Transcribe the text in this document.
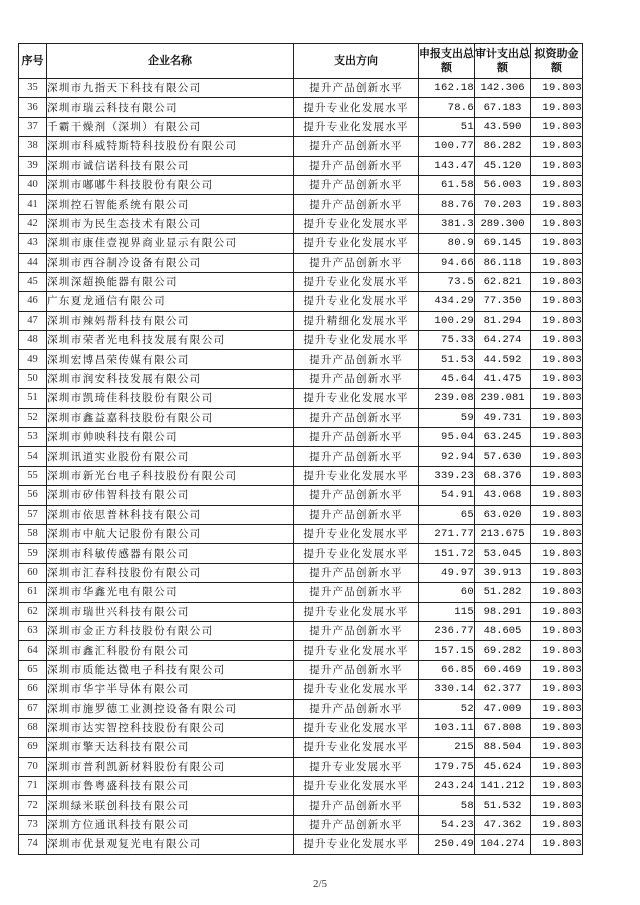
序号	企业名称	支出方向	申报支出总额	审计支出总额	拟资助金额
35	深圳市九指天下科技有限公司	提升产品创新水平	162.18	142.306	19.803
36	深圳市瑞云科技有限公司	提升专业化发展水平	78.6	67.183	19.803
37	千霸干燥剂（深圳）有限公司	提升专业化发展水平	51	43.590	19.803
38	深圳市科威特斯特科技股份有限公司	提升产品创新水平	100.77	86.282	19.803
39	深圳市诚信诺科技有限公司	提升产品创新水平	143.47	45.120	19.803
40	深圳市嘟嘟牛科技股份有限公司	提升产品创新水平	61.58	56.003	19.803
41	深圳控石智能系统有限公司	提升产品创新水平	88.76	70.203	19.803
42	深圳市为民生态技术有限公司	提升专业化发展水平	381.3	289.300	19.803
43	深圳市康佳壹视界商业显示有限公司	提升专业化发展水平	80.9	69.145	19.803
44	深圳市西谷制冷设备有限公司	提升产品创新水平	94.66	86.118	19.803
45	深圳深超换能器有限公司	提升专业化发展水平	73.5	62.821	19.803
46	广东夏龙通信有限公司	提升专业化发展水平	434.29	77.350	19.803
47	深圳市辣妈帮科技有限公司	提升精细化发展水平	100.29	81.294	19.803
48	深圳市荣者光电科技发展有限公司	提升专业化发展水平	75.33	64.274	19.803
49	深圳宏博昌荣传媒有限公司	提升产品创新水平	51.53	44.592	19.803
50	深圳市润安科技发展有限公司	提升产品创新水平	45.64	41.475	19.803
51	深圳市凯琦佳科技股份有限公司	提升专业化发展水平	239.08	239.081	19.803
52	深圳市鑫益嘉科技股份有限公司	提升产品创新水平	59	49.731	19.803
53	深圳市帅映科技有限公司	提升产品创新水平	95.04	63.245	19.803
54	深圳讯道实业股份有限公司	提升产品创新水平	92.94	57.630	19.803
55	深圳市新光台电子科技股份有限公司	提升专业化发展水平	339.23	68.376	19.803
56	深圳市矽伟智科技有限公司	提升产品创新水平	54.91	43.068	19.803
57	深圳市依思普林科技有限公司	提升产品创新水平	65	63.020	19.803
58	深圳市中航大记股份有限公司	提升专业化发展水平	271.77	213.675	19.803
59	深圳市科敏传感器有限公司	提升专业化发展水平	151.72	53.045	19.803
60	深圳市汇春科技股份有限公司	提升产品创新水平	49.97	39.913	19.803
61	深圳市华鑫光电有限公司	提升产品创新水平	60	51.282	19.803
62	深圳市瑞世兴科技有限公司	提升专业化发展水平	115	98.291	19.803
63	深圳市金正方科技股份有限公司	提升产品创新水平	236.77	48.605	19.803
64	深圳市鑫汇科股份有限公司	提升专业化发展水平	157.15	69.282	19.803
65	深圳市质能达微电子科技有限公司	提升产品创新水平	66.85	60.469	19.803
66	深圳市华宇半导体有限公司	提升专业化发展水平	330.14	62.377	19.803
67	深圳市施罗德工业测控设备有限公司	提升产品创新水平	52	47.009	19.803
68	深圳市达实智控科技股份有限公司	提升专业化发展水平	103.11	67.808	19.803
69	深圳市擎天达科技有限公司	提升专业化发展水平	215	88.504	19.803
70	深圳市普利凯新材料股份有限公司	提升专业发展水平	179.75	45.624	19.803
71	深圳市鲁粤盛科技有限公司	提升专业化发展水平	243.24	141.212	19.803
72	深圳绿米联创科技有限公司	提升产品创新水平	58	51.532	19.803
73	深圳方位通讯科技有限公司	提升产品创新水平	54.23	47.362	19.803
74	深圳市优景观复光电有限公司	提升专业化发展水平	250.49	104.274	19.803
2/5
